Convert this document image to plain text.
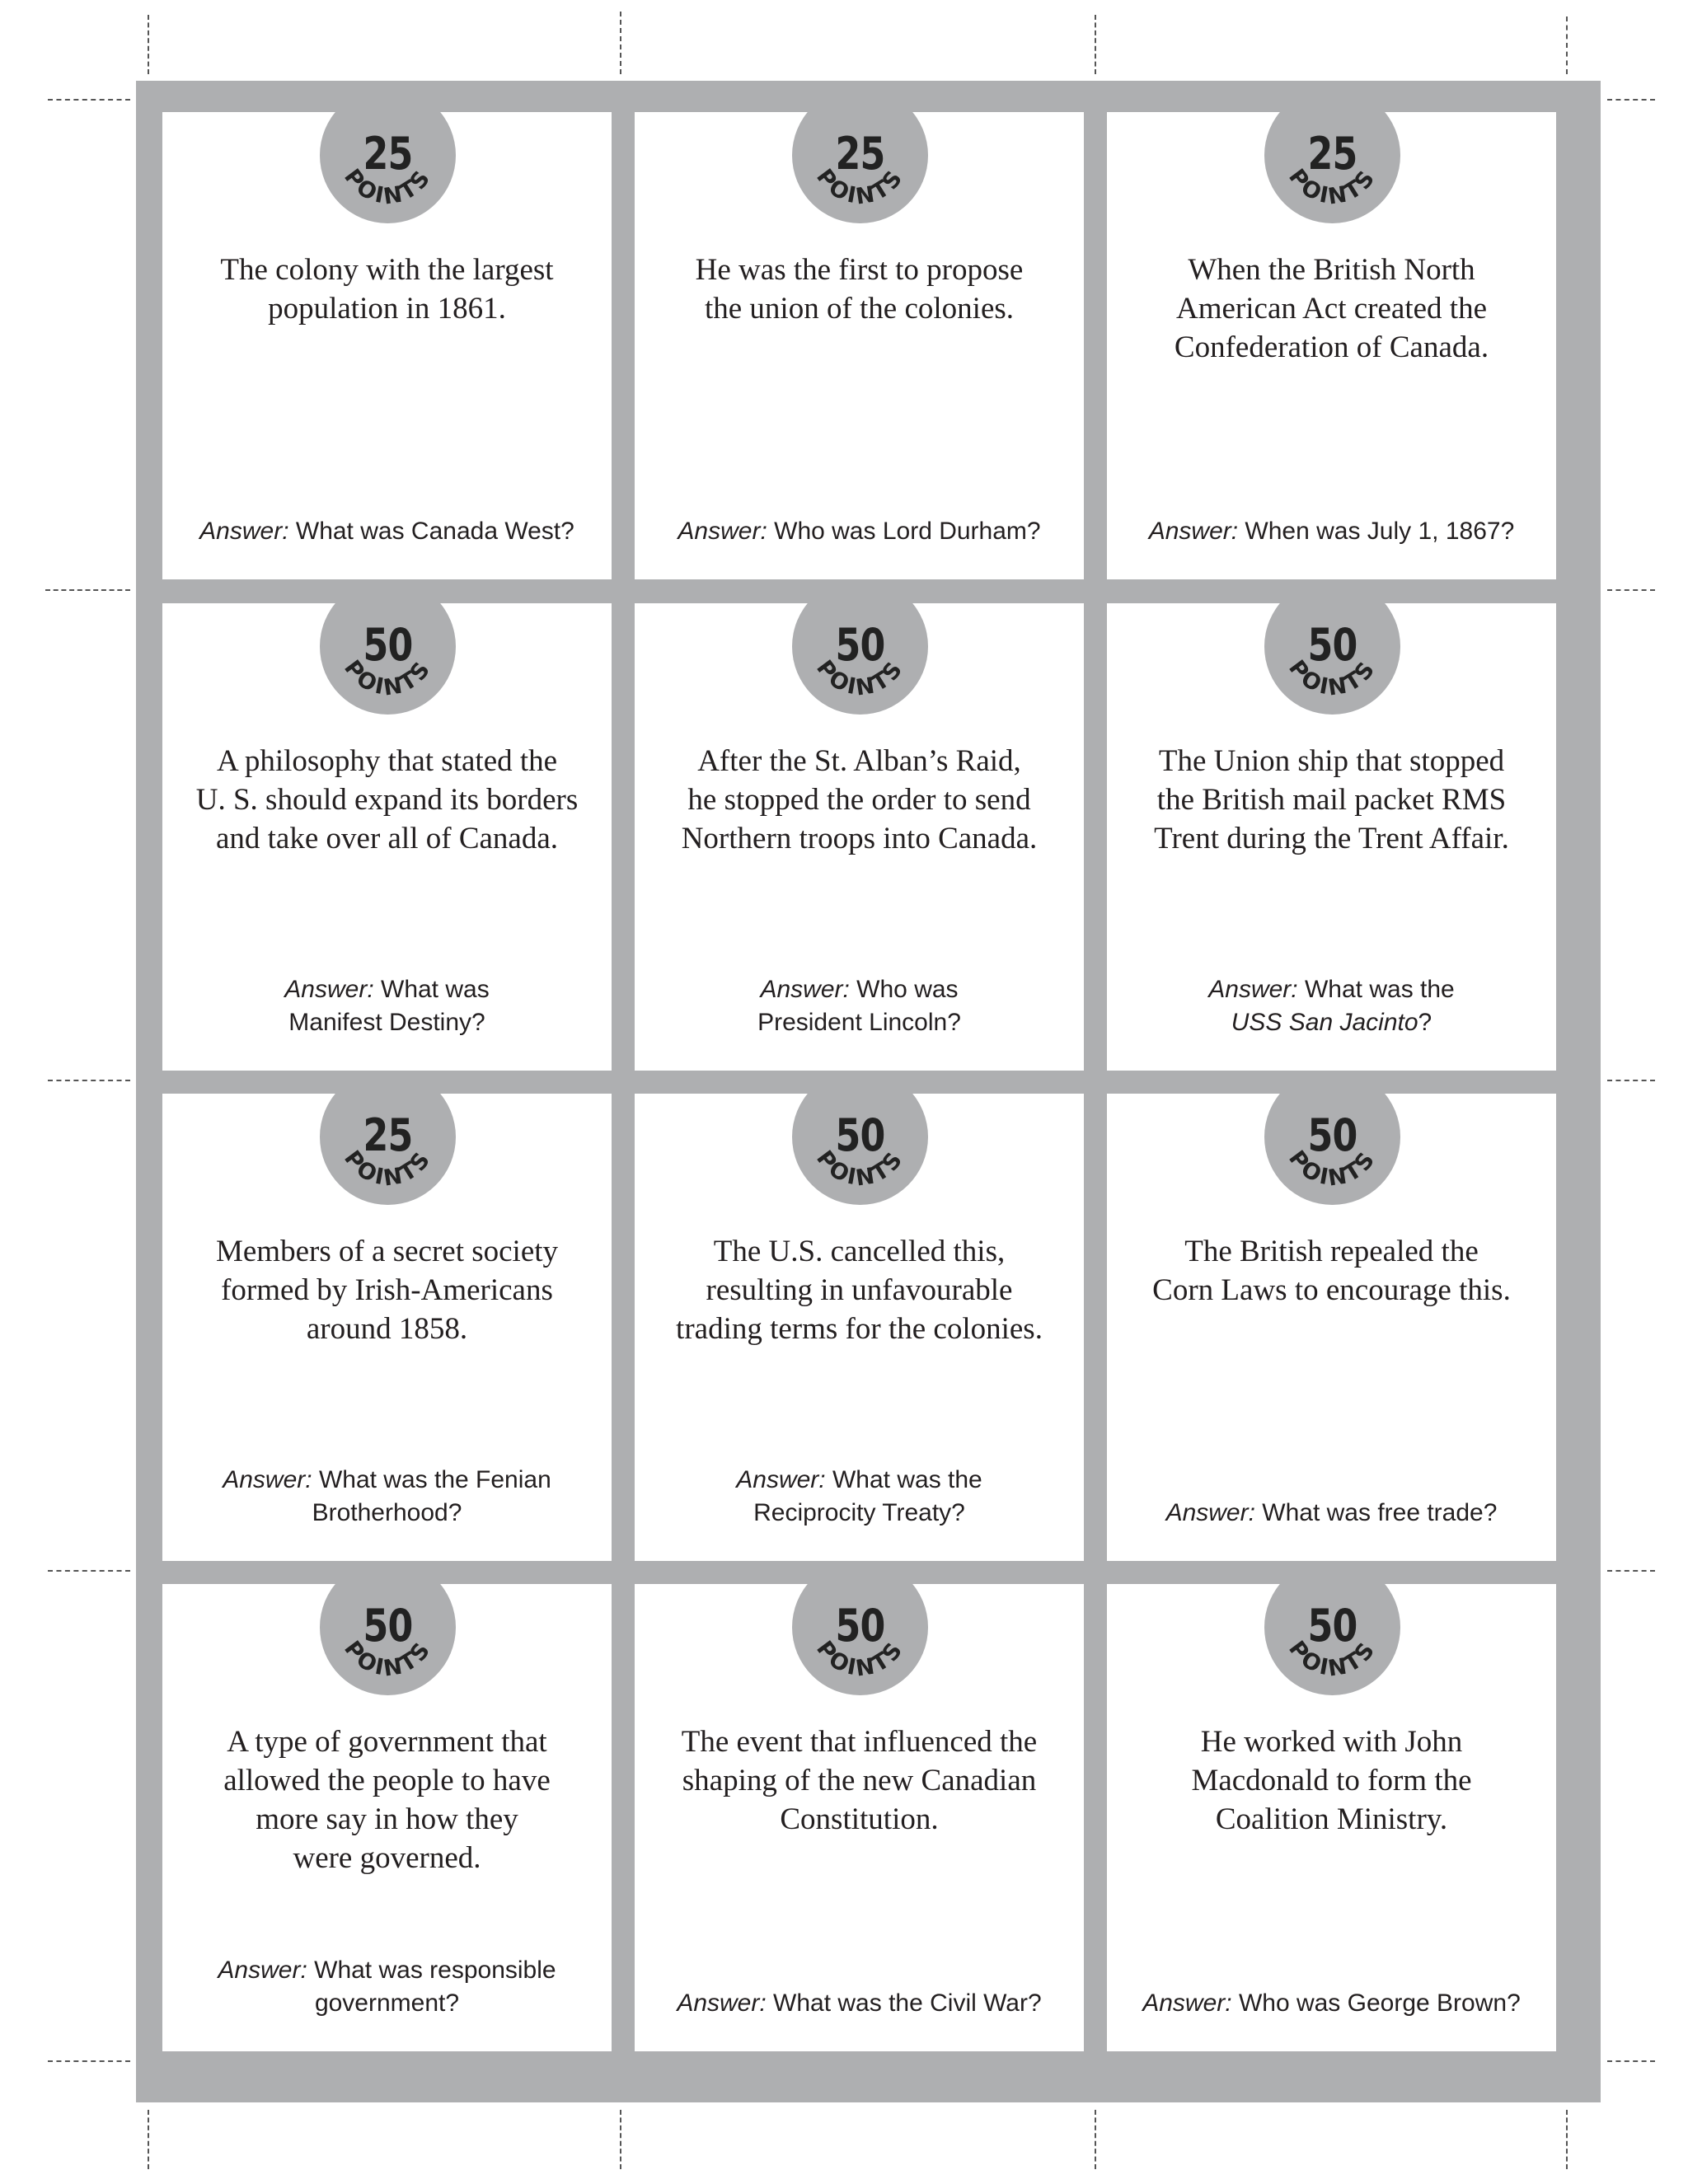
25
POINTS
The colony with the largest
population in 1861.
Answer: What was Canada West?
25
POINTS
He was the first to propose
the union of the colonies.
Answer: Who was Lord Durham?
25
POINTS
When the British North
American Act created the
Confederation of Canada.
Answer: When was July 1, 1867?
50
POINTS
A philosophy that stated the
U. S. should expand its borders
and take over all of Canada.
Answer: What was
Manifest Destiny?
50
POINTS
After the St. Alban’s Raid,
he stopped the order to send
Northern troops into Canada.
Answer: Who was
President Lincoln?
50
POINTS
The Union ship that stopped
the British mail packet RMS
Trent during the Trent Affair.
Answer: What was the
USS San Jacinto?
25
POINTS
Members of a secret society
formed by Irish-Americans
around 1858.
Answer: What was the Fenian
Brotherhood?
50
POINTS
The U.S. cancelled this,
resulting in unfavourable
trading terms for the colonies.
Answer: What was the
Reciprocity Treaty?
50
POINTS
The British repealed the
Corn Laws to encourage this.
Answer: What was free trade?
50
POINTS
A type of government that
allowed the people to have
more say in how they
were governed.
Answer: What was responsible
government?
50
POINTS
The event that influenced the
shaping of the new Canadian
Constitution.
Answer: What was the Civil War?
50
POINTS
He worked with John
Macdonald to form the
Coalition Ministry.
Answer: Who was George Brown?
